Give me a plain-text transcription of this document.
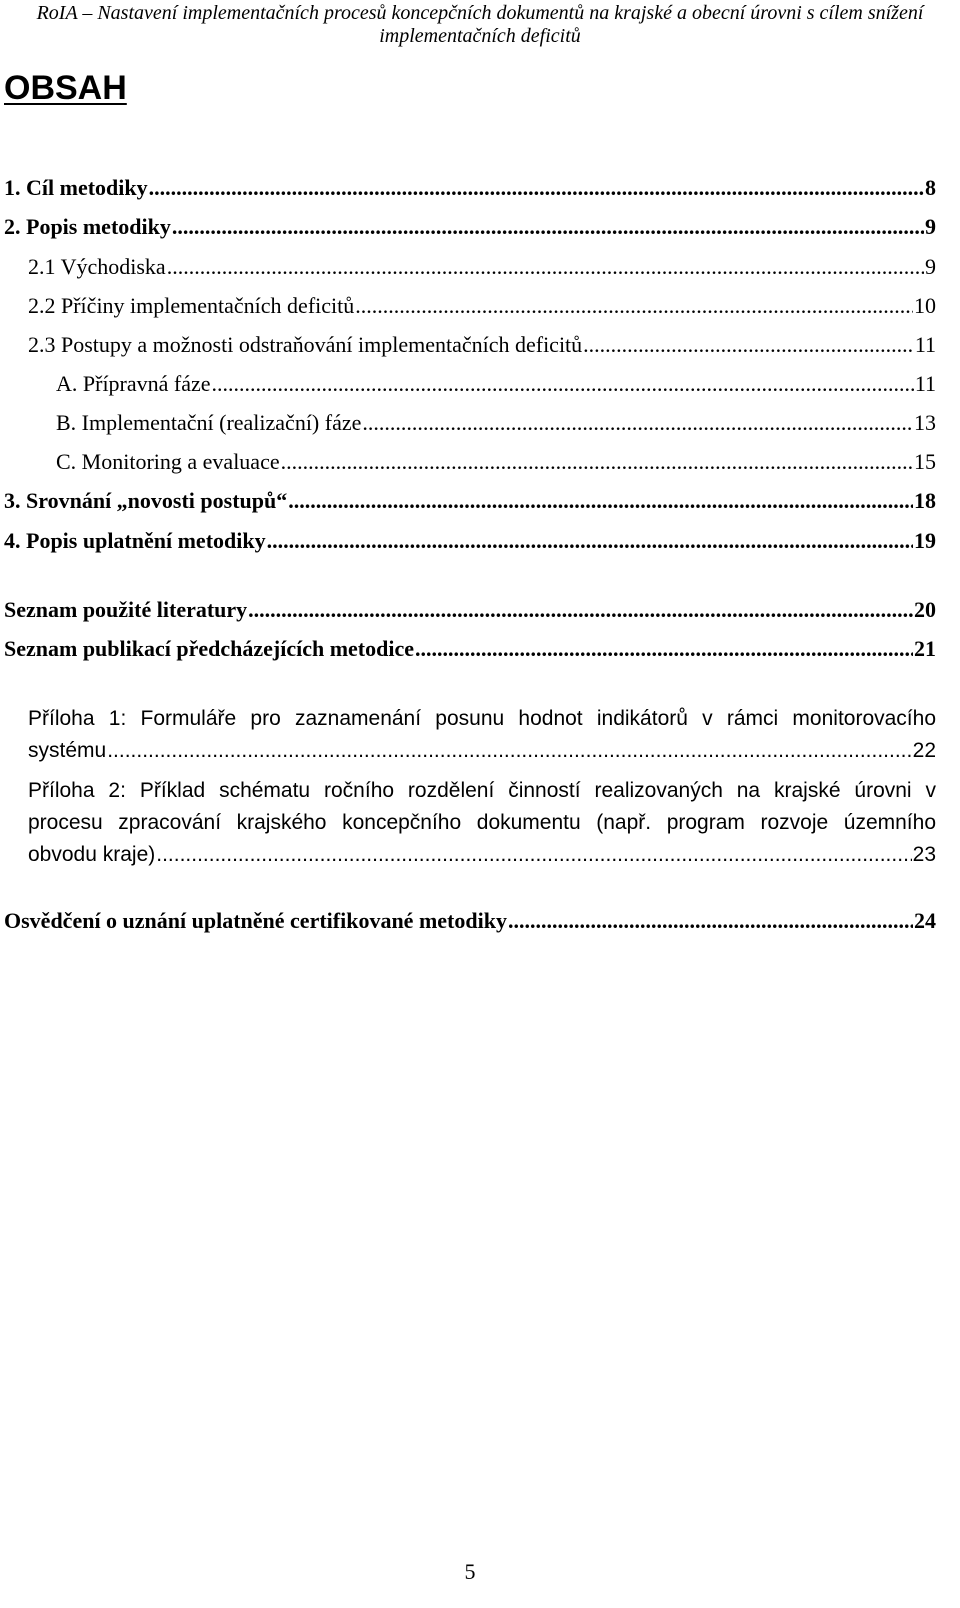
RoIA – Nastavení implementačních procesů koncepčních dokumentů na krajské a obecní úrovni s cílem snížení
implementačních deficitů
OBSAH
1. Cíl metodiky .....	8
2. Popis metodiky .....	9
2.1 Východiska .....	9
2.2 Příčiny implementačních deficitů .....	10
2.3 Postupy a možnosti odstraňování implementačních deficitů .....	11
A. Přípravná fáze .....	11
B. Implementační (realizační) fáze .....	13
C. Monitoring a evaluace .....	15
3. Srovnání „novosti postupů“ .....	18
4. Popis uplatnění metodiky .....	19
Seznam použité literatury .....	20
Seznam publikací předcházejících metodice .....	21
Příloha 1: Formuláře pro zaznamenání posunu hodnot indikátorů v rámci monitorovacího
systému .....	22
Příloha 2: Příklad schématu ročního rozdělení činností realizovaných na krajské úrovni v
procesu zpracování krajského koncepčního dokumentu (např. program rozvoje územního
obvodu kraje) .....	23
Osvědčení o uznání uplatněné certifikované metodiky .....	24
5
